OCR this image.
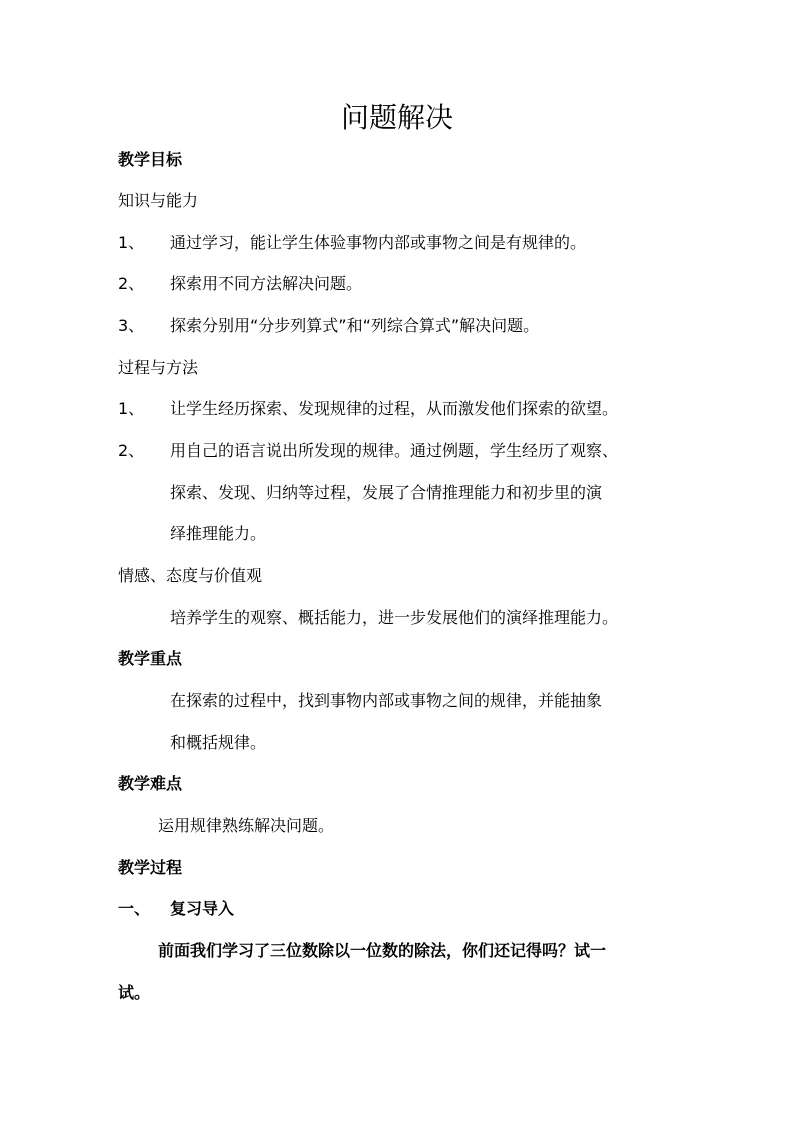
问题解决
教学目标
知识与能力
1、 通过学习，能让学生体验事物内部或事物之间是有规律的。
2、 探索用不同方法解决问题。
3、 探索分别用“分步列算式”和“列综合算式”解决问题。
过程与方法
1、 让学生经历探索、发现规律的过程，从而激发他们探索的欲望。
2、 用自己的语言说出所发现的规律。通过例题，学生经历了观察、
探索、发现、归纳等过程，发展了合情推理能力和初步里的演
绎推理能力。
情感、态度与价值观
培养学生的观察、概括能力，进一步发展他们的演绎推理能力。
教学重点
在探索的过程中，找到事物内部或事物之间的规律，并能抽象
和概括规律。
教学难点
运用规律熟练解决问题。
教学过程
一、 复习导入
前面我们学习了三位数除以一位数的除法，你们还记得吗？试一
试。
